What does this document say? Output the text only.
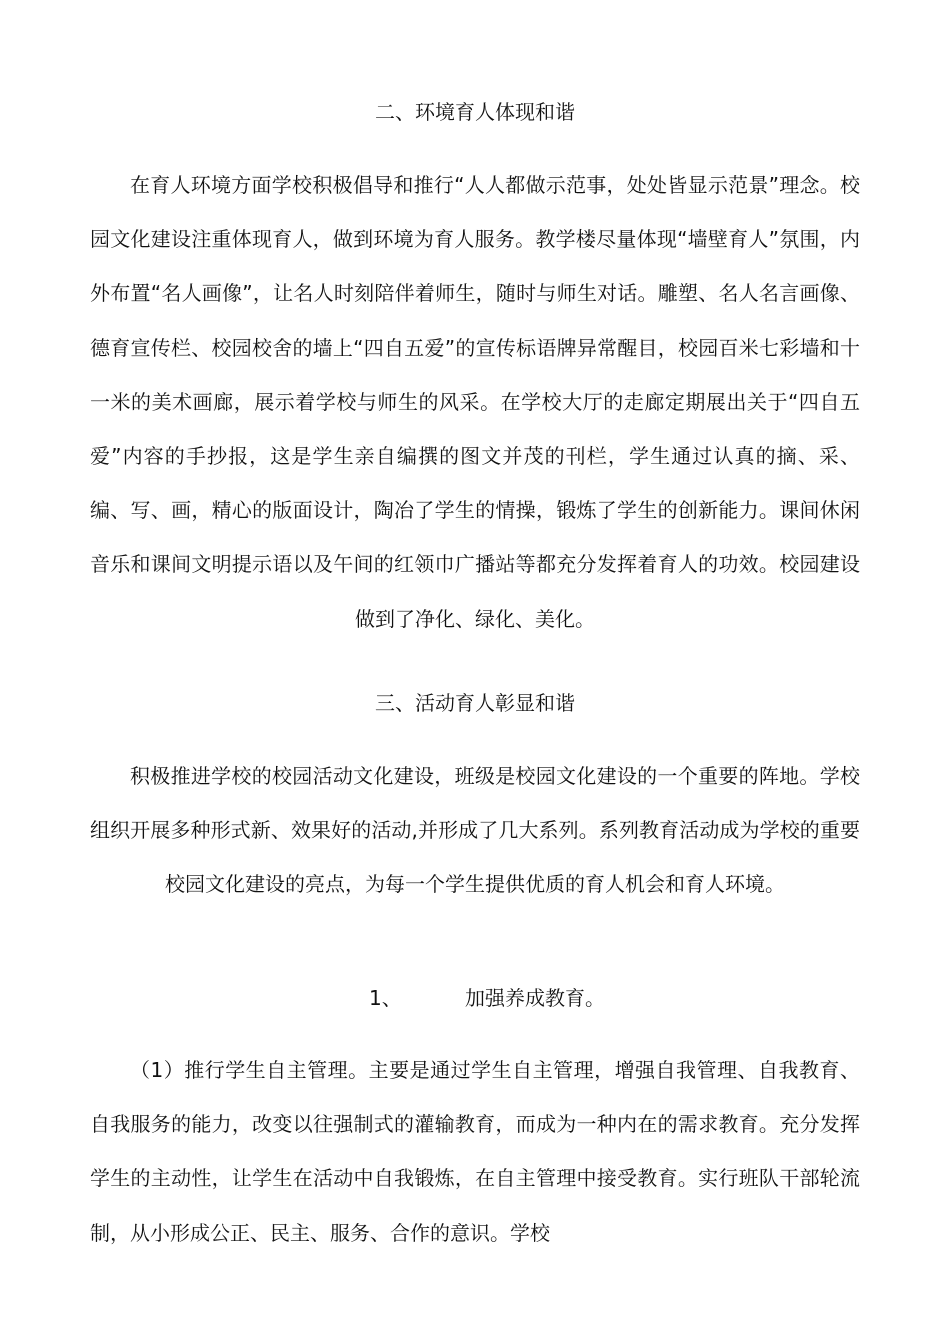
二、环境育人体现和谐

在育人环境方面学校积极倡导和推行“人人都做示范事，处处皆显示范景”理念。校园文化建设注重体现育人，做到环境为育人服务。教学楼尽量体现“墙壁育人”氛围，内外布置“名人画像”，让名人时刻陪伴着师生，随时与师生对话。雕塑、名人名言画像、德育宣传栏、校园校舍的墙上“四自五爱”的宣传标语牌异常醒目，校园百米七彩墙和十一米的美术画廊，展示着学校与师生的风采。在学校大厅的走廊定期展出关于“四自五爱”内容的手抄报，这是学生亲自编撰的图文并茂的刊栏，学生通过认真的摘、采、编、写、画，精心的版面设计，陶冶了学生的情操，锻炼了学生的创新能力。课间休闲音乐和课间文明提示语以及午间的红领巾广播站等都充分发挥着育人的功效。校园建设做到了净化、绿化、美化。

三、活动育人彰显和谐

积极推进学校的校园活动文化建设，班级是校园文化建设的一个重要的阵地。学校组织开展多种形式新、效果好的活动,并形成了几大系列。系列教育活动成为学校的重要校园文化建设的亮点，为每一个学生提供优质的育人机会和育人环境。

1、	加强养成教育。

（1）推行学生自主管理。主要是通过学生自主管理，增强自我管理、自我教育、自我服务的能力，改变以往强制式的灌输教育，而成为一种内在的需求教育。充分发挥学生的主动性，让学生在活动中自我锻炼，在自主管理中接受教育。实行班队干部轮流制，从小形成公正、民主、服务、合作的意识。学校
